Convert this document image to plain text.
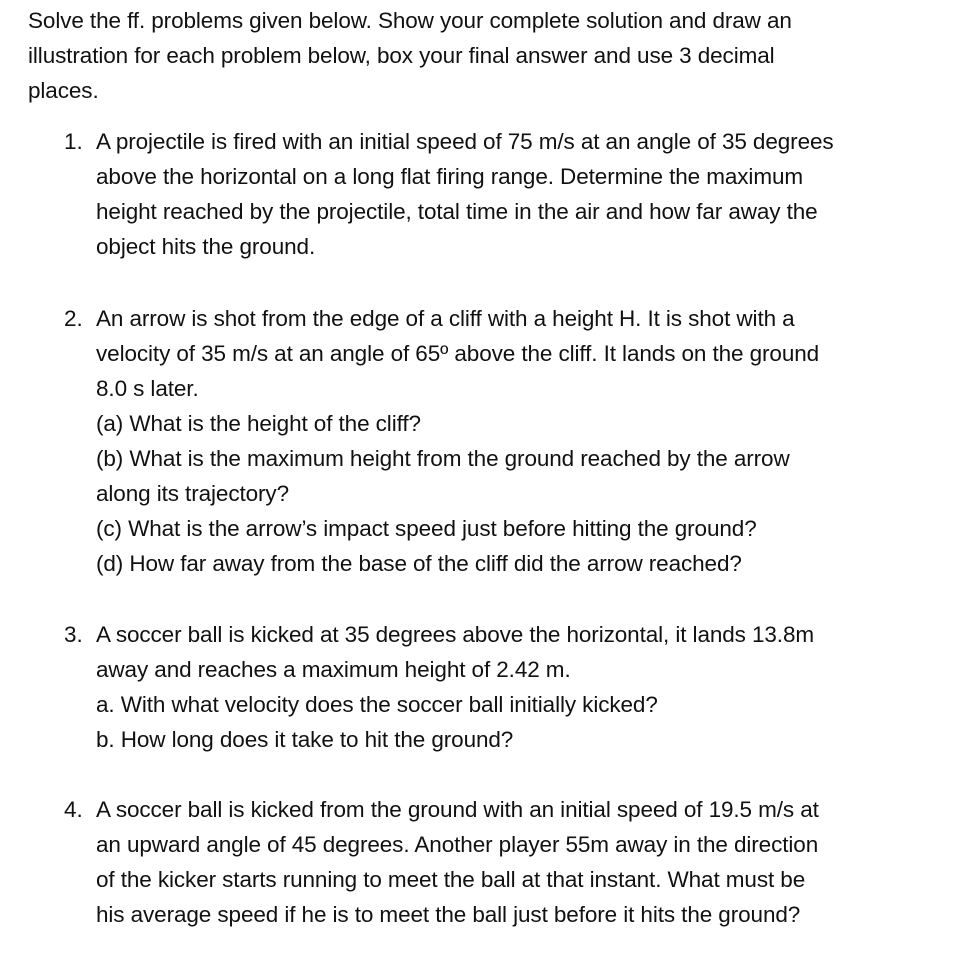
Solve the ff. problems given below. Show your complete solution and draw an
illustration for each problem below, box your final answer and use 3 decimal
places.
1. A projectile is fired with an initial speed of 75 m/s at an angle of 35 degrees
above the horizontal on a long flat firing range. Determine the maximum
height reached by the projectile, total time in the air and how far away the
object hits the ground.
2. An arrow is shot from the edge of a cliff with a height H. It is shot with a
velocity of 35 m/s at an angle of 65º above the cliff. It lands on the ground
8.0 s later.
(a) What is the height of the cliff?
(b) What is the maximum height from the ground reached by the arrow
along its trajectory?
(c) What is the arrow’s impact speed just before hitting the ground?
(d) How far away from the base of the cliff did the arrow reached?
3. A soccer ball is kicked at 35 degrees above the horizontal, it lands 13.8m
away and reaches a maximum height of 2.42 m.
a. With what velocity does the soccer ball initially kicked?
b. How long does it take to hit the ground?
4. A soccer ball is kicked from the ground with an initial speed of 19.5 m/s at
an upward angle of 45 degrees. Another player 55m away in the direction
of the kicker starts running to meet the ball at that instant. What must be
his average speed if he is to meet the ball just before it hits the ground?
